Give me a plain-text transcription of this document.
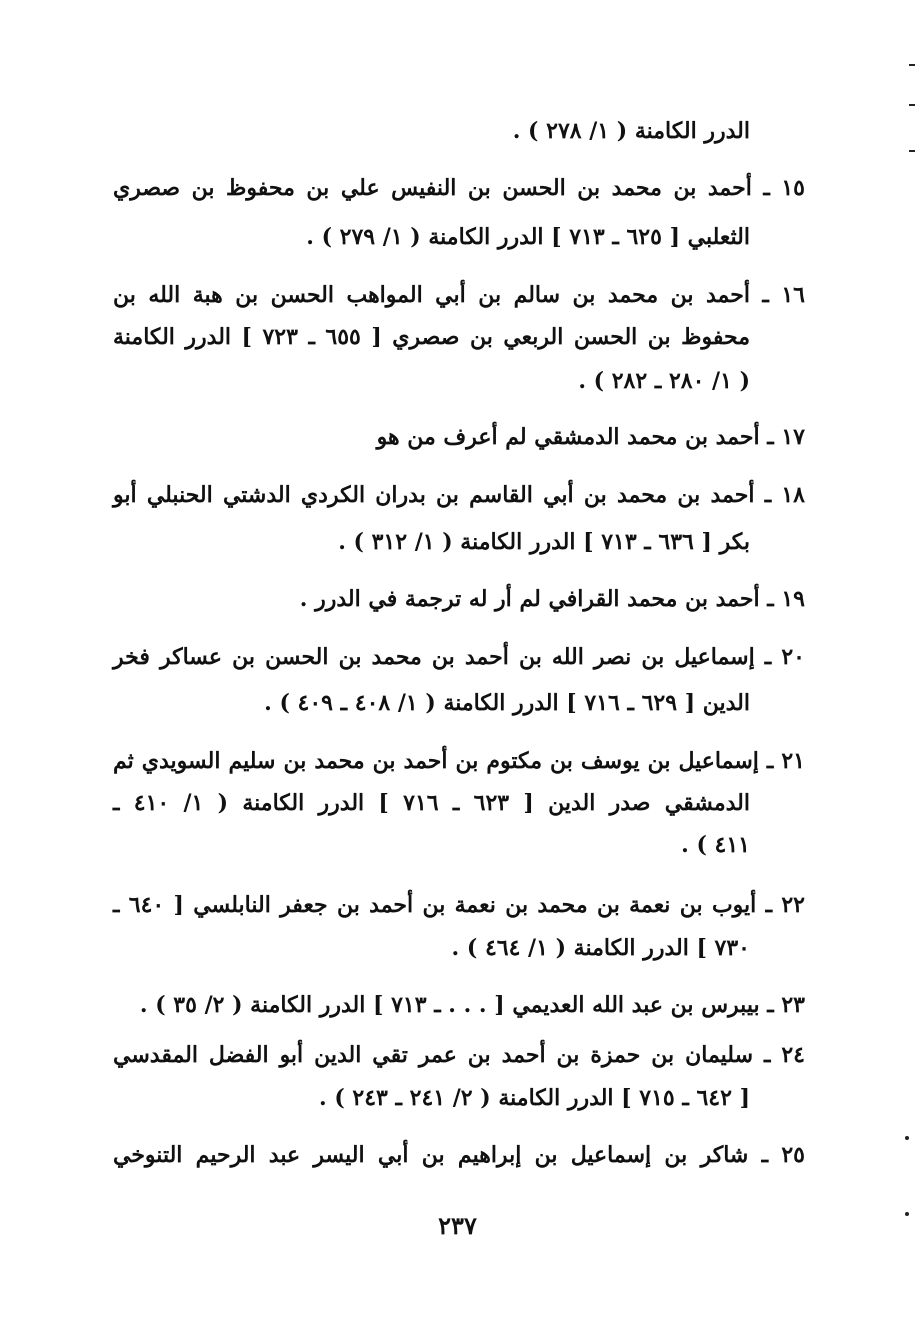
الدرر الكامنة ( ١/ ٢٧٨ ) .
١٥ ـ أحمد بن محمد بن الحسن بن النفيس علي بن محفوظ بن صصري
الثعلبي [ ٦٢٥ ـ ٧١٣ ] الدرر الكامنة ( ١/ ٢٧٩ ) .
١٦ ـ أحمد بن محمد بن سالم بن أبي المواهب الحسن بن هبة الله بن
محفوظ بن الحسن الربعي بن صصري [ ٦٥٥ ـ ٧٢٣ ] الدرر الكامنة
( ١/ ٢٨٠ ـ ٢٨٢ ) .
١٧ ـ أحمد بن محمد الدمشقي لم أعرف من هو
١٨ ـ أحمد بن محمد بن أبي القاسم بن بدران الكردي الدشتي الحنبلي أبو
بكر [ ٦٣٦ ـ ٧١٣ ] الدرر الكامنة ( ١/ ٣١٢ ) .
١٩ ـ أحمد بن محمد القرافي لم أر له ترجمة في الدرر .
٢٠ ـ إسماعيل بن نصر الله بن أحمد بن محمد بن الحسن بن عساكر فخر
الدين [ ٦٢٩ ـ ٧١٦ ] الدرر الكامنة ( ١/ ٤٠٨ ـ ٤٠٩ ) .
٢١ ـ إسماعيل بن يوسف بن مكتوم بن أحمد بن محمد بن سليم السويدي ثم
الدمشقي صدر الدين [ ٦٢٣ ـ ٧١٦ ] الدرر الكامنة ( ١/ ٤١٠ ـ
٤١١ ) .
٢٢ ـ أيوب بن نعمة بن محمد بن نعمة بن أحمد بن جعفر النابلسي [ ٦٤٠ ـ
٧٣٠ ] الدرر الكامنة ( ١/ ٤٦٤ ) .
٢٣ ـ بيبرس بن عبد الله العديمي [ . . . ـ ٧١٣ ] الدرر الكامنة ( ٢/ ٣٥ ) .
٢٤ ـ سليمان بن حمزة بن أحمد بن عمر تقي الدين أبو الفضل المقدسي
[ ٦٤٢ ـ ٧١٥ ] الدرر الكامنة ( ٢/ ٢٤١ ـ ٢٤٣ ) .
٢٥ ـ شاكر بن إسماعيل بن إبراهيم بن أبي اليسر عبد الرحيم التنوخي
٢٣٧
